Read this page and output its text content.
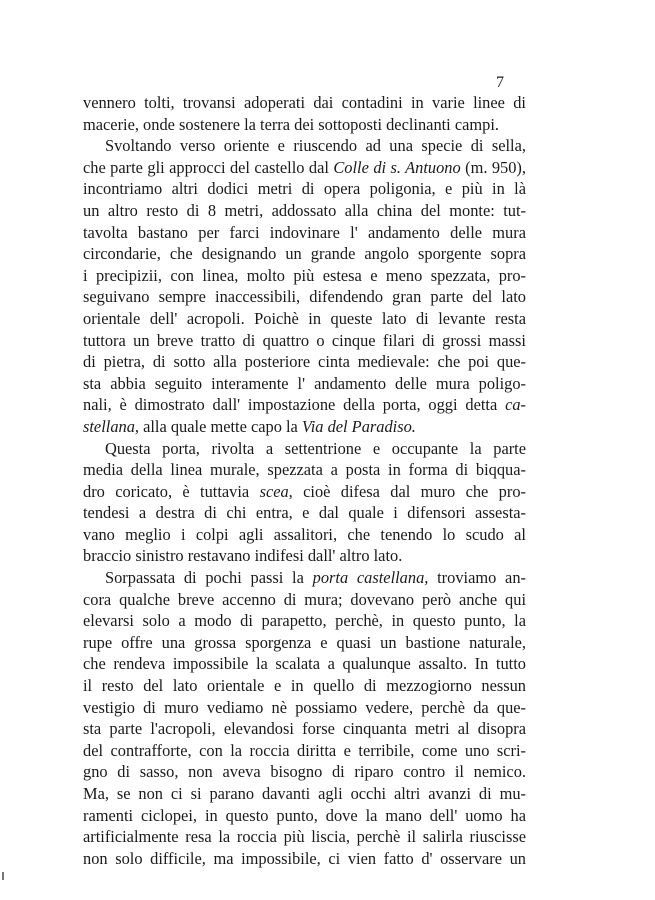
7
vennero tolti, trovansi adoperati dai contadini in varie linee di
macerie, onde sostenere la terra dei sottoposti declinanti campi.
Svoltando verso oriente e riuscendo ad una specie di sella,
che parte gli approcci del castello dal Colle di s. Antuono (m. 950),
incontriamo altri dodici metri di opera poligonia, e più in là
un altro resto di 8 metri, addossato alla china del monte: tut-
tavolta bastano per farci indovinare l' andamento delle mura
circondarie, che designando un grande angolo sporgente sopra
i precipizii, con linea, molto più estesa e meno spezzata, pro-
seguivano sempre inaccessibili, difendendo gran parte del lato
orientale dell' acropoli. Poichè in queste lato di levante resta
tuttora un breve tratto di quattro o cinque filari di grossi massi
di pietra, di sotto alla posteriore cinta medievale: che poi que-
sta abbia seguito interamente l' andamento delle mura poligo-
nali, è dimostrato dall' impostazione della porta, oggi detta ca-
stellana, alla quale mette capo la Via del Paradiso.
Questa porta, rivolta a settentrione e occupante la parte
media della linea murale, spezzata a posta in forma di biqqua-
dro coricato, è tuttavia scea, cioè difesa dal muro che pro-
tendesi a destra di chi entra, e dal quale i difensori assesta-
vano meglio i colpi agli assalitori, che tenendo lo scudo al
braccio sinistro restavano indifesi dall' altro lato.
Sorpassata di pochi passi la porta castellana, troviamo an-
cora qualche breve accenno di mura; dovevano però anche qui
elevarsi solo a modo di parapetto, perchè, in questo punto, la
rupe offre una grossa sporgenza e quasi un bastione naturale,
che rendeva impossibile la scalata a qualunque assalto. In tutto
il resto del lato orientale e in quello di mezzogiorno nessun
vestigio di muro vediamo nè possiamo vedere, perchè da que-
sta parte l'acropoli, elevandosi forse cinquanta metri al disopra
del contrafforte, con la roccia diritta e terribile, come uno scri-
gno di sasso, non aveva bisogno di riparo contro il nemico.
Ma, se non ci si parano davanti agli occhi altri avanzi di mu-
ramenti ciclopei, in questo punto, dove la mano dell' uomo ha
artificialmente resa la roccia più liscia, perchè il salirla riuscisse
non solo difficile, ma impossibile, ci vien fatto d' osservare un
